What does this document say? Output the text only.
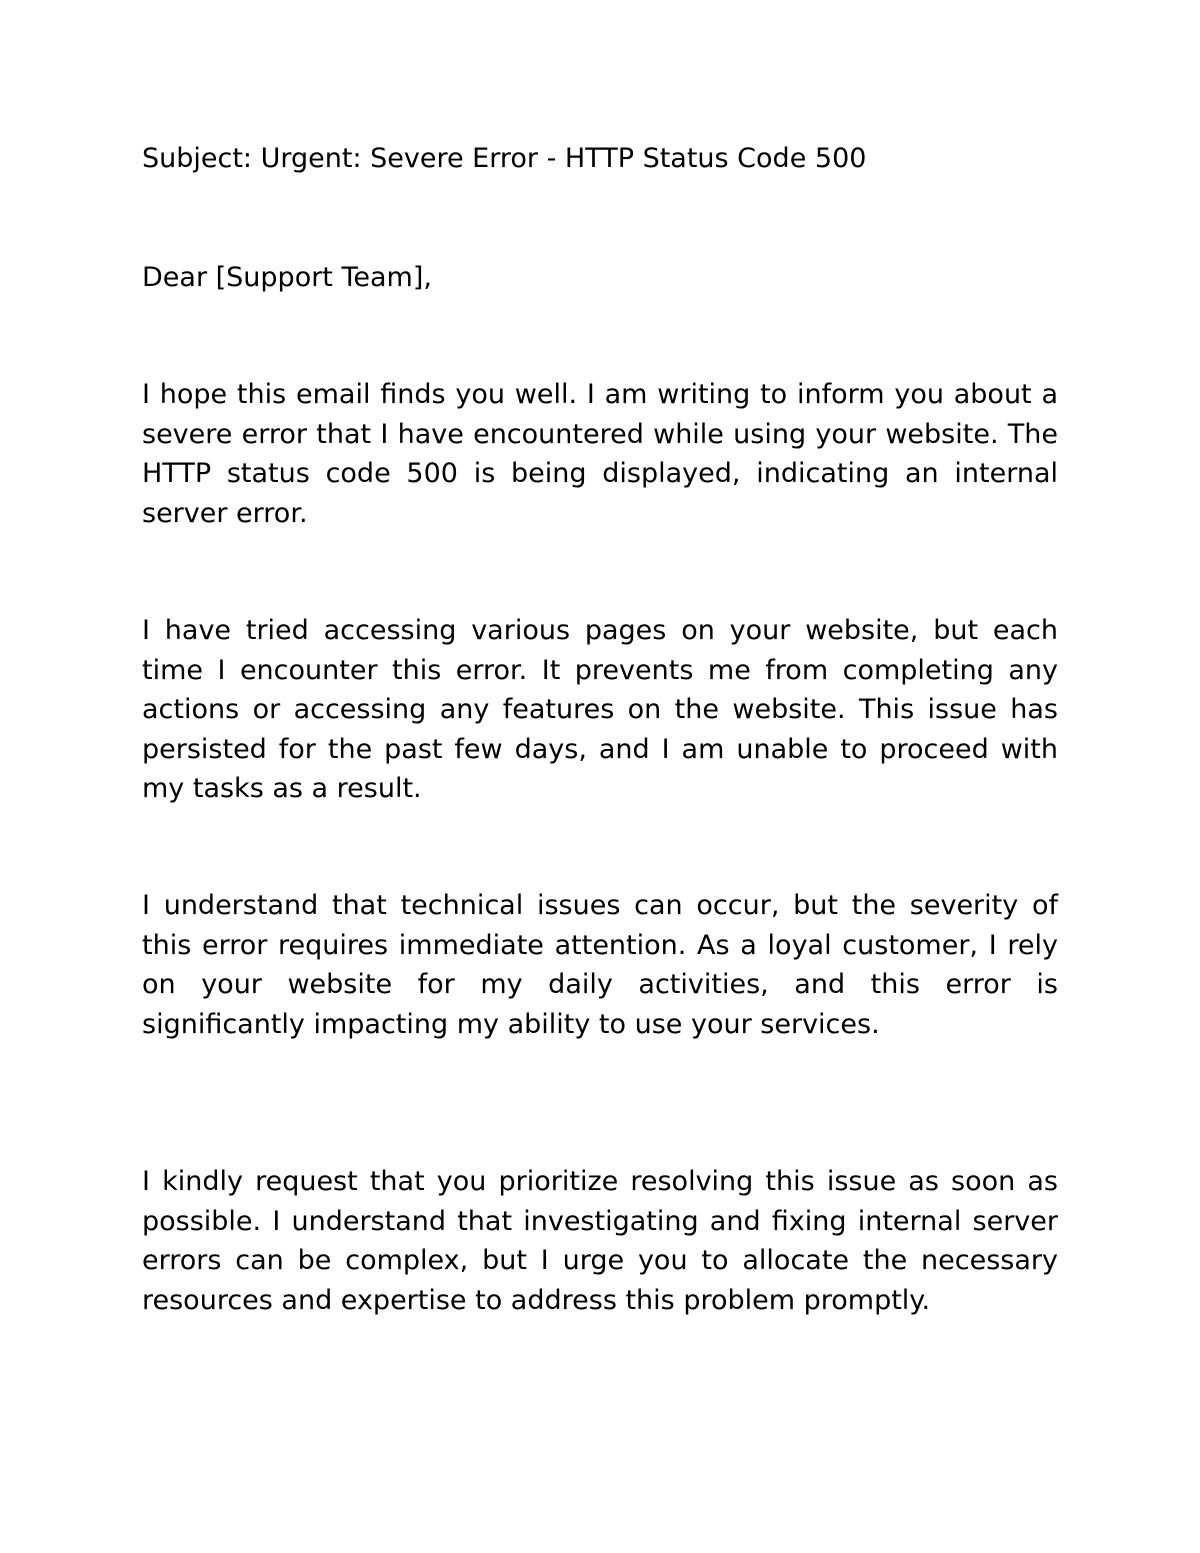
Subject: Urgent: Severe Error - HTTP Status Code 500
Dear [Support Team],

I hope this email finds you well. I am writing to inform you about a severe error that I have encountered while using your website. The HTTP status code 500 is being displayed, indicating an internal server error.

I have tried accessing various pages on your website, but each time I encounter this error. It prevents me from completing any actions or accessing any features on the website. This issue has persisted for the past few days, and I am unable to proceed with my tasks as a result.

I understand that technical issues can occur, but the severity of this error requires immediate attention. As a loyal customer, I rely on your website for my daily activities, and this error is significantly impacting my ability to use your services.

I kindly request that you prioritize resolving this issue as soon as possible. I understand that investigating and fixing internal server errors can be complex, but I urge you to allocate the necessary resources and expertise to address this problem promptly.
